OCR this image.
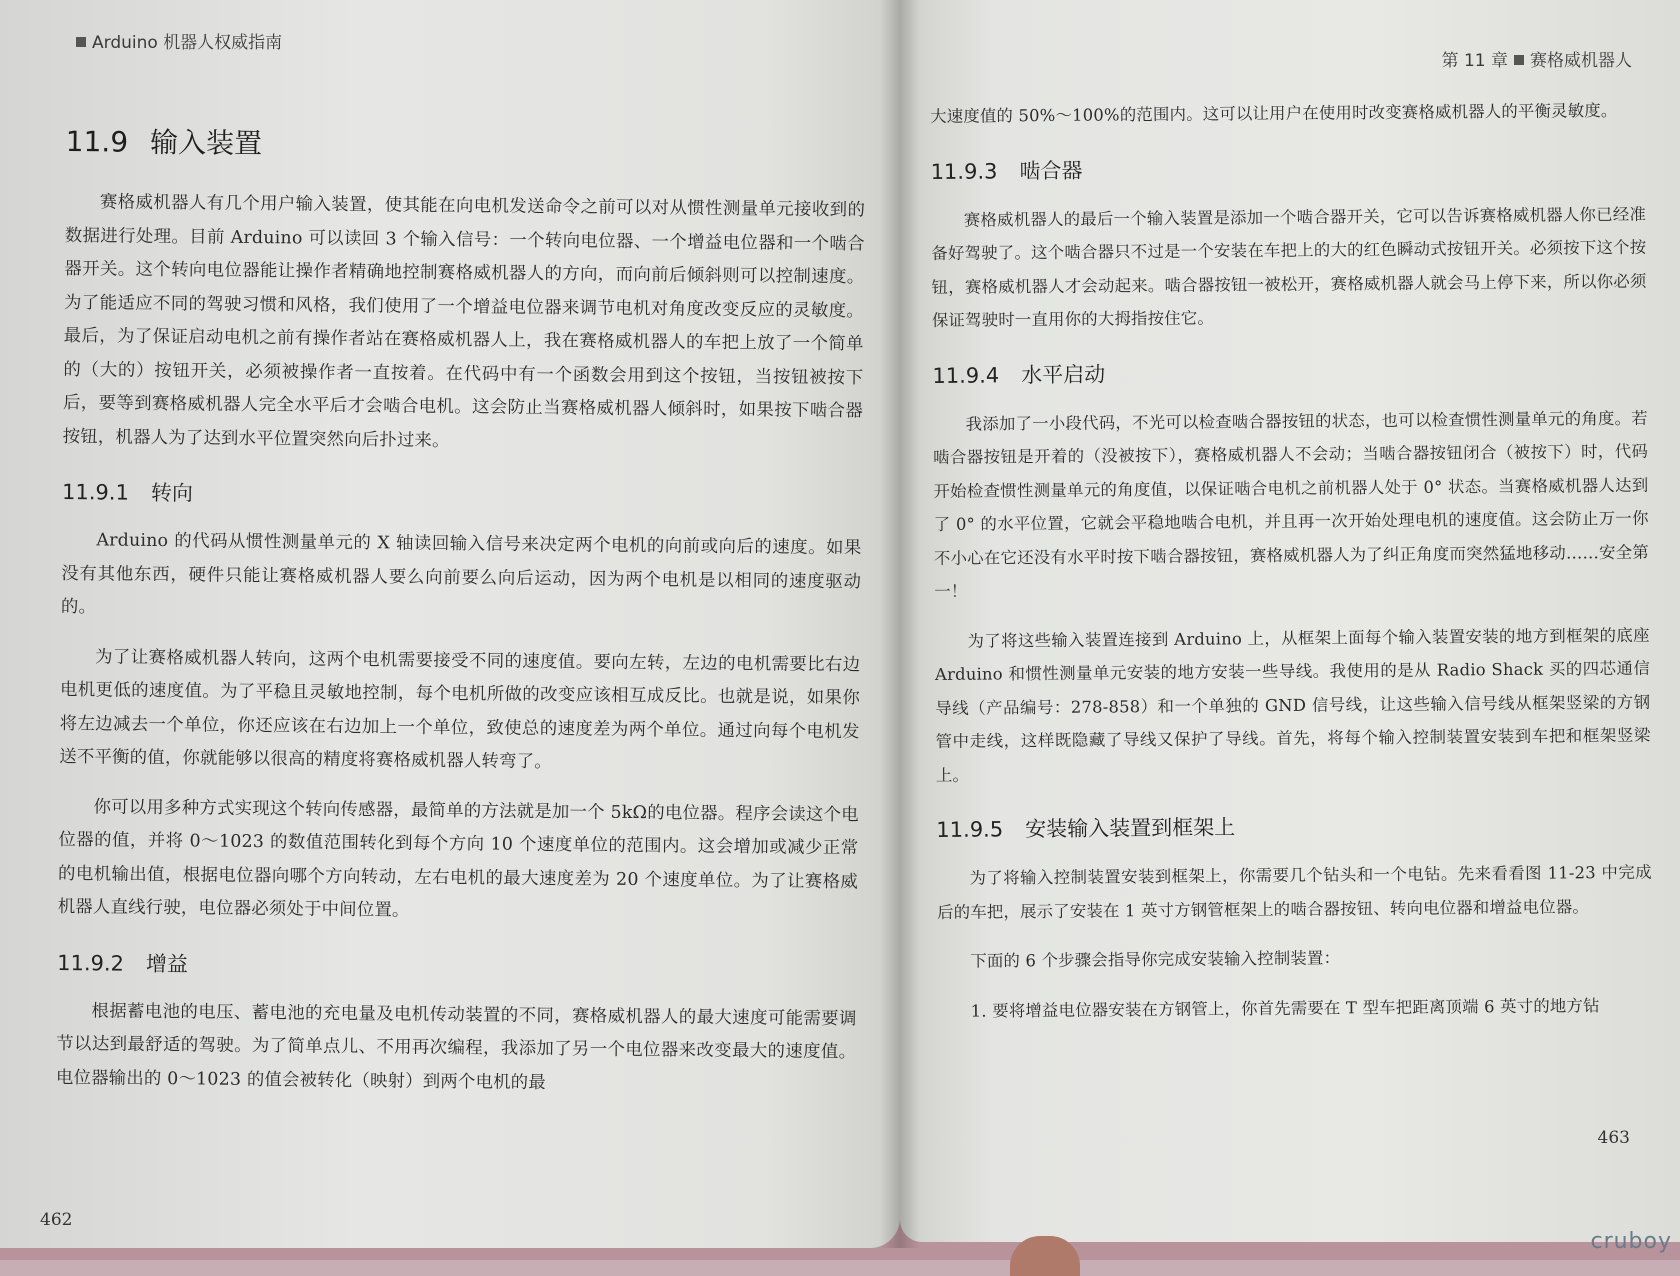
Arduino 机器人权威指南
11.9 输入装置

赛格威机器人有几个用户输入装置，使其能在向电机发送命令之前可以对从惯性测量单元接收到的数据进行处理。目前 Arduino 可以读回 3 个输入信号：一个转向电位器、一个增益电位器和一个啮合器开关。这个转向电位器能让操作者精确地控制赛格威机器人的方向，而向前后倾斜则可以控制速度。为了能适应不同的驾驶习惯和风格，我们使用了一个增益电位器来调节电机对角度改变反应的灵敏度。最后，为了保证启动电机之前有操作者站在赛格威机器人上，我在赛格威机器人的车把上放了一个简单的（大的）按钮开关，必须被操作者一直按着。在代码中有一个函数会用到这个按钮，当按钮被按下后，要等到赛格威机器人完全水平后才会啮合电机。这会防止当赛格威机器人倾斜时，如果按下啮合器按钮，机器人为了达到水平位置突然向后扑过来。

11.9.1 转向

Arduino 的代码从惯性测量单元的 X 轴读回输入信号来决定两个电机的向前或向后的速度。如果没有其他东西，硬件只能让赛格威机器人要么向前要么向后运动，因为两个电机是以相同的速度驱动的。

为了让赛格威机器人转向，这两个电机需要接受不同的速度值。要向左转，左边的电机需要比右边电机更低的速度值。为了平稳且灵敏地控制，每个电机所做的改变应该相互成反比。也就是说，如果你将左边减去一个单位，你还应该在右边加上一个单位，致使总的速度差为两个单位。通过向每个电机发送不平衡的值，你就能够以很高的精度将赛格威机器人转弯了。

你可以用多种方式实现这个转向传感器，最简单的方法就是加一个 5kΩ的电位器。程序会读这个电位器的值，并将 0～1023 的数值范围转化到每个方向 10 个速度单位的范围内。这会增加或减少正常的电机输出值，根据电位器向哪个方向转动，左右电机的最大速度差为 20 个速度单位。为了让赛格威机器人直线行驶，电位器必须处于中间位置。

11.9.2 增益

根据蓄电池的电压、蓄电池的充电量及电机传动装置的不同，赛格威机器人的最大速度可能需要调节以达到最舒适的驾驶。为了简单点儿、不用再次编程，我添加了另一个电位器来改变最大的速度值。电位器输出的 0～1023 的值会被转化（映射）到两个电机的最

462
第 11 章 赛格威机器人

大速度值的 50%～100%的范围内。这可以让用户在使用时改变赛格威机器人的平衡灵敏度。

11.9.3 啮合器

赛格威机器人的最后一个输入装置是添加一个啮合器开关，它可以告诉赛格威机器人你已经准备好驾驶了。这个啮合器只不过是一个安装在车把上的大的红色瞬动式按钮开关。必须按下这个按钮，赛格威机器人才会动起来。啮合器按钮一被松开，赛格威机器人就会马上停下来，所以你必须保证驾驶时一直用你的大拇指按住它。

11.9.4 水平启动

我添加了一小段代码，不光可以检查啮合器按钮的状态，也可以检查惯性测量单元的角度。若啮合器按钮是开着的（没被按下），赛格威机器人不会动；当啮合器按钮闭合（被按下）时，代码开始检查惯性测量单元的角度值，以保证啮合电机之前机器人处于 0° 状态。当赛格威机器人达到了 0° 的水平位置，它就会平稳地啮合电机，并且再一次开始处理电机的速度值。这会防止万一你不小心在它还没有水平时按下啮合器按钮，赛格威机器人为了纠正角度而突然猛地移动……安全第一！

为了将这些输入装置连接到 Arduino 上，从框架上面每个输入装置安装的地方到框架的底座 Arduino 和惯性测量单元安装的地方安装一些导线。我使用的是从 Radio Shack 买的四芯通信导线（产品编号：278-858）和一个单独的 GND 信号线，让这些输入信号线从框架竖梁的方钢管中走线，这样既隐藏了导线又保护了导线。首先，将每个输入控制装置安装到车把和框架竖梁上。

11.9.5 安装输入装置到框架上

为了将输入控制装置安装到框架上，你需要几个钻头和一个电钻。先来看看图 11-23 中完成后的车把，展示了安装在 1 英寸方钢管框架上的啮合器按钮、转向电位器和增益电位器。

下面的 6 个步骤会指导你完成安装输入控制装置：

1. 要将增益电位器安装在方钢管上，你首先需要在 T 型车把距离顶端 6 英寸的地方钻

463
cruboy
